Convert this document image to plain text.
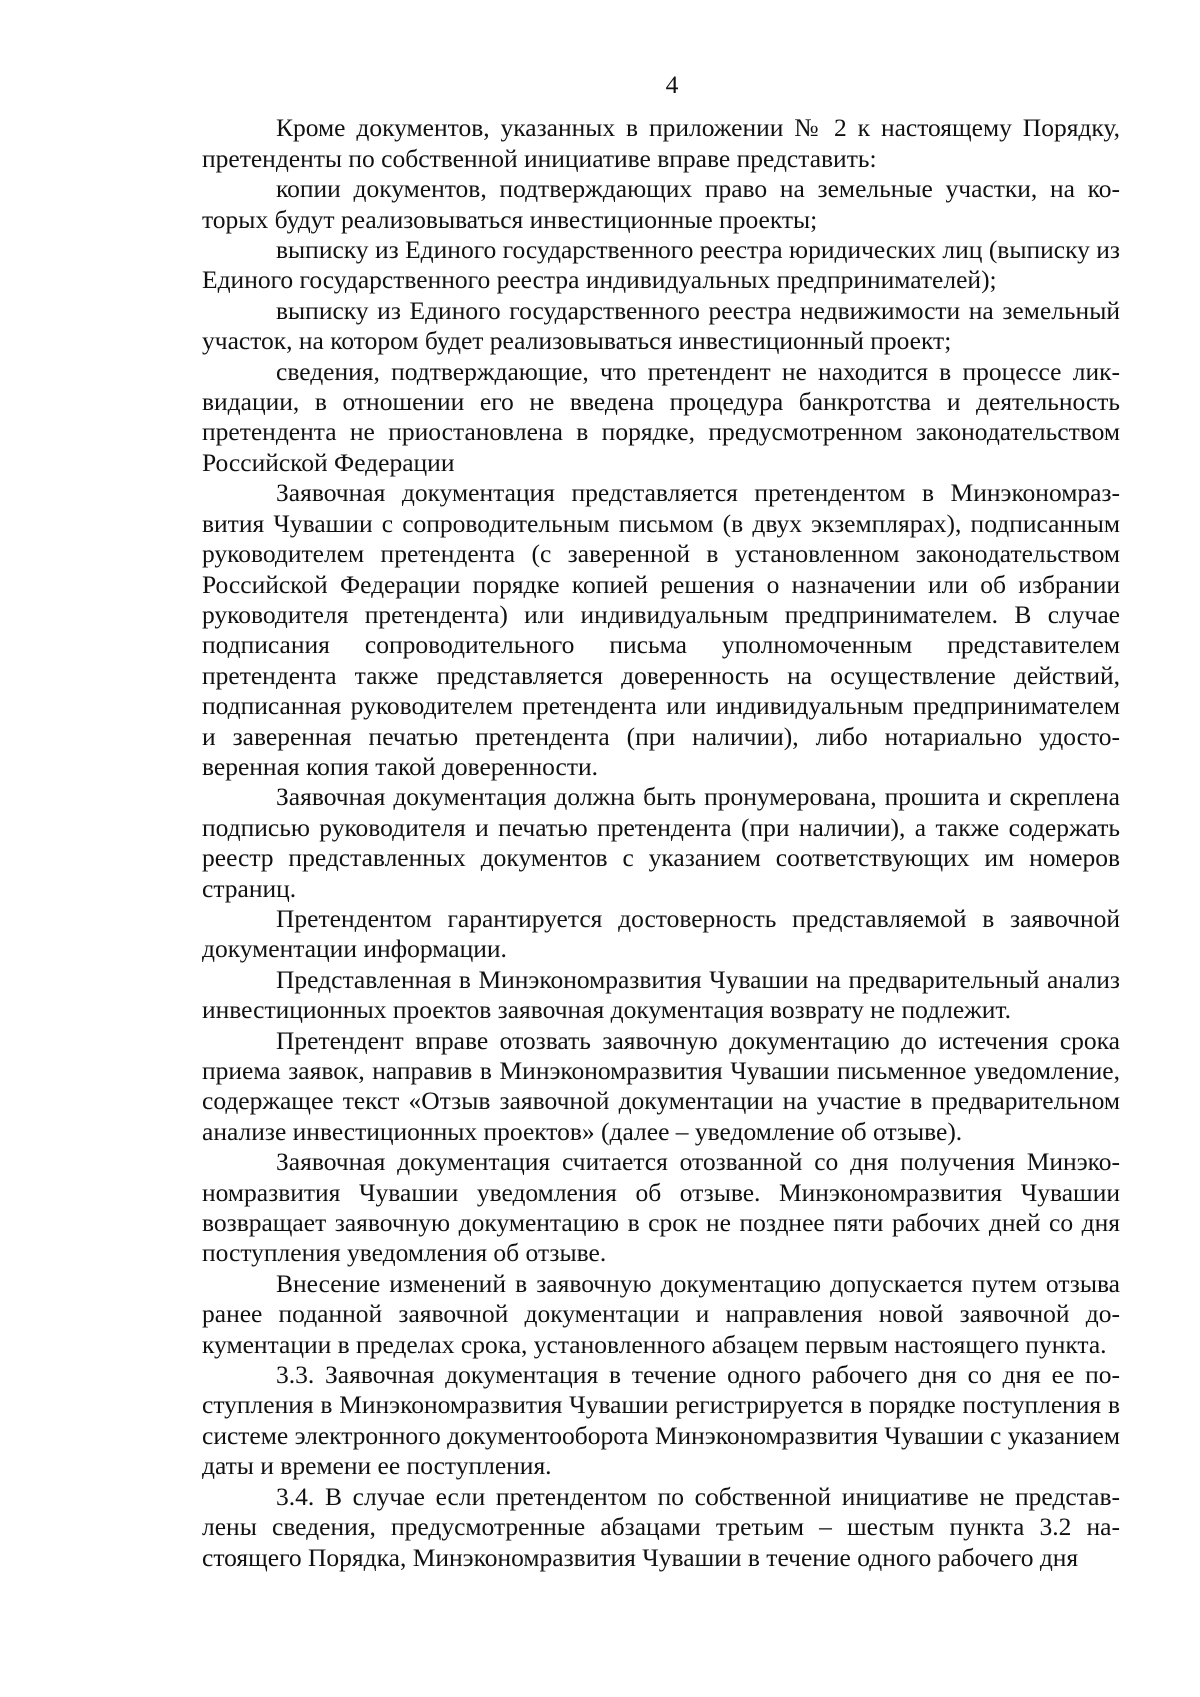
4

Кроме документов, указанных в приложении № 2 к настоящему Порядку, претенденты по собственной инициативе вправе представить:

копии документов, подтверждающих право на земельные участки, на которых будут реализовываться инвестиционные проекты;

выписку из Единого государственного реестра юридических лиц (выписку из Единого государственного реестра индивидуальных предпринимателей);

выписку из Единого государственного реестра недвижимости на земельный участок, на котором будет реализовываться инвестиционный проект;

сведения, подтверждающие, что претендент не находится в процессе ликвидации, в отношении его не введена процедура банкротства и деятельность претендента не приостановлена в порядке, предусмотренном законодательством Российской Федерации

Заявочная документация представляется претендентом в Минэкономразвития Чувашии с сопроводительным письмом (в двух экземплярах), подписанным руководителем претендента (с заверенной в установленном законодательством Российской Федерации порядке копией решения о назначении или об избрании руководителя претендента) или индивидуальным предпринимателем. В случае подписания сопроводительного письма уполномоченным представителем претендента также представляется доверенность на осуществление действий, подписанная руководителем претендента или индивидуальным предпринимателем и заверенная печатью претендента (при наличии), либо нотариально удостоверенная копия такой доверенности.

Заявочная документация должна быть пронумерована, прошита и скреплена подписью руководителя и печатью претендента (при наличии), а также содержать реестр представленных документов с указанием соответствующих им номеров страниц.

Претендентом гарантируется достоверность представляемой в заявочной документации информации.

Представленная в Минэкономразвития Чувашии на предварительный анализ инвестиционных проектов заявочная документация возврату не подлежит.

Претендент вправе отозвать заявочную документацию до истечения срока приема заявок, направив в Минэкономразвития Чувашии письменное уведомление, содержащее текст «Отзыв заявочной документации на участие в предварительном анализе инвестиционных проектов» (далее – уведомление об отзыве).

Заявочная документация считается отозванной со дня получения Минэкономразвития Чувашии уведомления об отзыве. Минэкономразвития Чувашии возвращает заявочную документацию в срок не позднее пяти рабочих дней со дня поступления уведомления об отзыве.

Внесение изменений в заявочную документацию допускается путем отзыва ранее поданной заявочной документации и направления новой заявочной документации в пределах срока, установленного абзацем первым настоящего пункта.

3.3. Заявочная документация в течение одного рабочего дня со дня ее поступления в Минэкономразвития Чувашии регистрируется в порядке поступления в системе электронного документооборота Минэкономразвития Чувашии с указанием даты и времени ее поступления.

3.4. В случае если претендентом по собственной инициативе не представлены сведения, предусмотренные абзацами третьим – шестым пункта 3.2 настоящего Порядка, Минэкономразвития Чувашии в течение одного рабочего дня
